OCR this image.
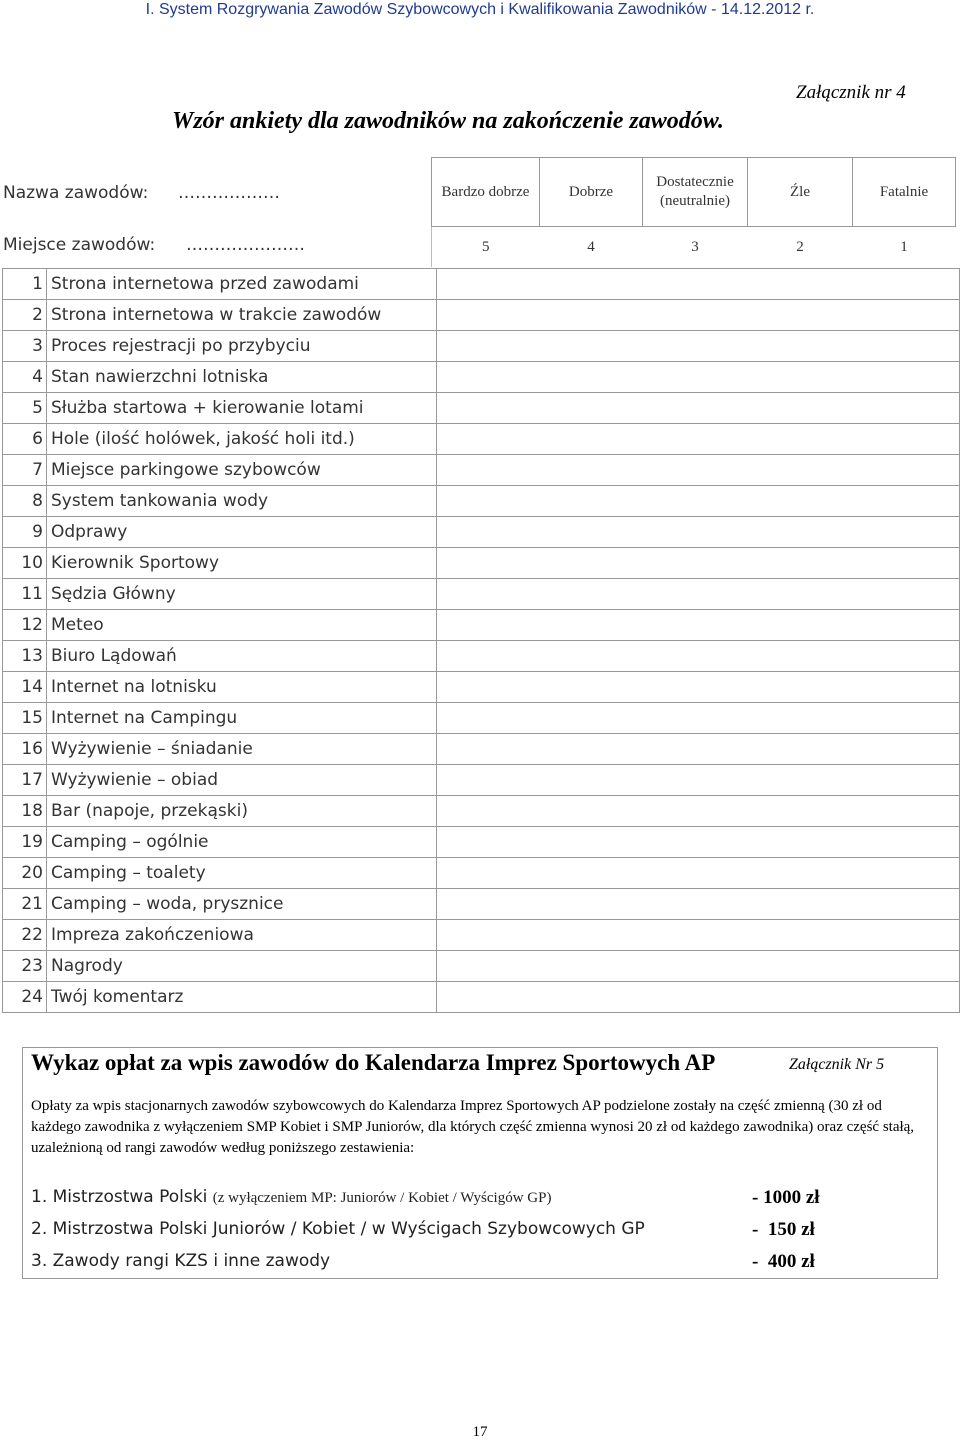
I. System Rozgrywania Zawodów Szybowcowych i Kwalifikowania Zawodników - 14.12.2012 r.
Załącznik nr 4
Wzór ankiety dla zawodników na zakończenie zawodów.
Nazwa zawodów: ………………
Miejsce zawodów: …………………
Bardzo dobrze	Dobrze	Dostatecznie (neutralnie)	Źle	Fatalnie
5	4	3	2	1
1	Strona internetowa przed zawodami	
2	Strona internetowa w trakcie zawodów	
3	Proces rejestracji po przybyciu	
4	Stan nawierzchni lotniska	
5	Służba startowa + kierowanie lotami	
6	Hole (ilość holówek, jakość holi itd.)	
7	Miejsce parkingowe szybowców	
8	System tankowania wody	
9	Odprawy	
10	Kierownik Sportowy	
11	Sędzia Główny	
12	Meteo	
13	Biuro Lądowań	
14	Internet na lotnisku	
15	Internet na Campingu	
16	Wyżywienie – śniadanie	
17	Wyżywienie – obiad	
18	Bar (napoje, przekąski)	
19	Camping – ogólnie	
20	Camping – toalety	
21	Camping – woda, prysznice	
22	Impreza zakończeniowa	
23	Nagrody	
24	Twój komentarz	
Wykaz opłat za wpis zawodów do Kalendarza Imprez Sportowych AP	Załącznik Nr 5
Opłaty za wpis stacjonarnych zawodów szybowcowych do Kalendarza Imprez Sportowych AP podzielone zostały na część zmienną (30 zł od każdego zawodnika z wyłączeniem SMP Kobiet i SMP Juniorów, dla których część zmienna wynosi 20 zł od każdego zawodnika) oraz część stałą, uzależnioną od rangi zawodów według poniższego zestawienia:
1. Mistrzostwa Polski (z wyłączeniem MP: Juniorów / Kobiet / Wyścigów GP)	- 1000 zł
2. Mistrzostwa Polski Juniorów / Kobiet / w Wyścigach Szybowcowych GP	-  150 zł
3. Zawody rangi KZS i inne zawody	-  400 zł
17
